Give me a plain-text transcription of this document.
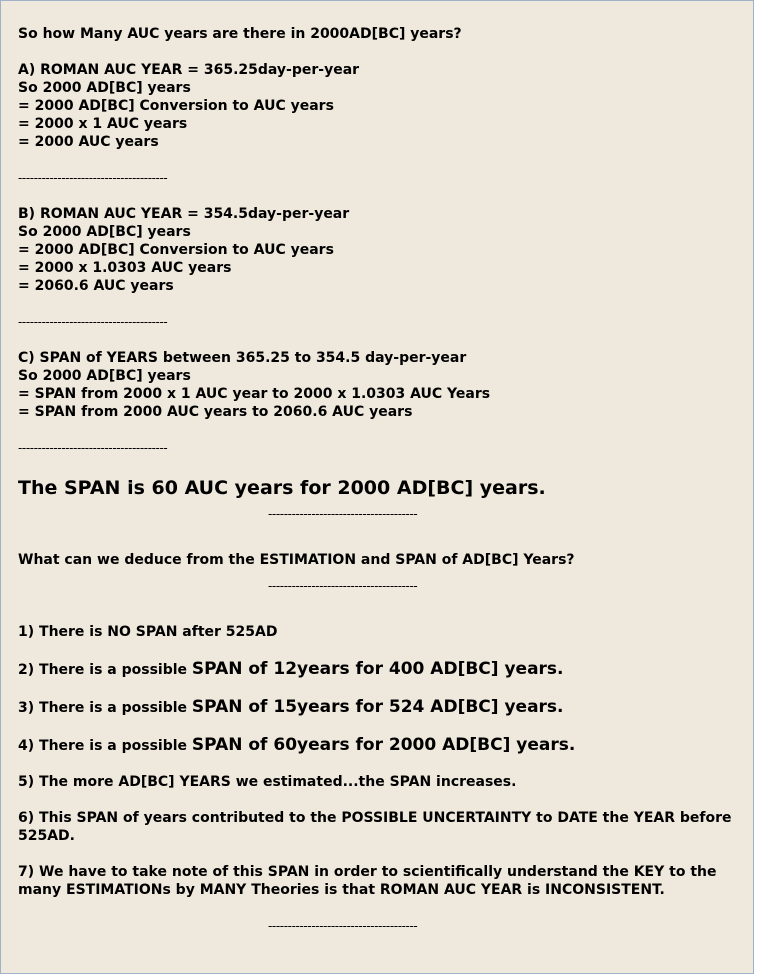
So how Many AUC years are there in 2000AD[BC] years?
A) ROMAN AUC YEAR = 365.25day-per-year
So 2000 AD[BC] years
= 2000 AD[BC] Conversion to AUC years
= 2000 x 1 AUC years
= 2000 AUC years
--------------------------------------
B) ROMAN AUC YEAR = 354.5day-per-year
So 2000 AD[BC] years
= 2000 AD[BC] Conversion to AUC years
= 2000 x 1.0303 AUC years
= 2060.6 AUC years
--------------------------------------
C) SPAN of YEARS between 365.25 to 354.5 day-per-year
So 2000 AD[BC] years
= SPAN from 2000 x 1 AUC year to 2000 x 1.0303 AUC Years
= SPAN from 2000 AUC years to 2060.6 AUC years
--------------------------------------
The SPAN is 60 AUC years for 2000 AD[BC] years.
--------------------------------------
What can we deduce from the ESTIMATION and SPAN of AD[BC] Years?
--------------------------------------
1) There is NO SPAN after 525AD
2) There is a possible SPAN of 12years for 400 AD[BC] years.
3) There is a possible SPAN of 15years for 524 AD[BC] years.
4) There is a possible SPAN of 60years for 2000 AD[BC] years.
5) The more AD[BC] YEARS we estimated...the SPAN increases.
6) This SPAN of years contributed to the POSSIBLE UNCERTAINTY to DATE the YEAR before 525AD.
7) We have to take note of this SPAN in order to scientifically understand the KEY to the many ESTIMATIONs by MANY Theories is that ROMAN AUC YEAR is INCONSISTENT.
--------------------------------------
